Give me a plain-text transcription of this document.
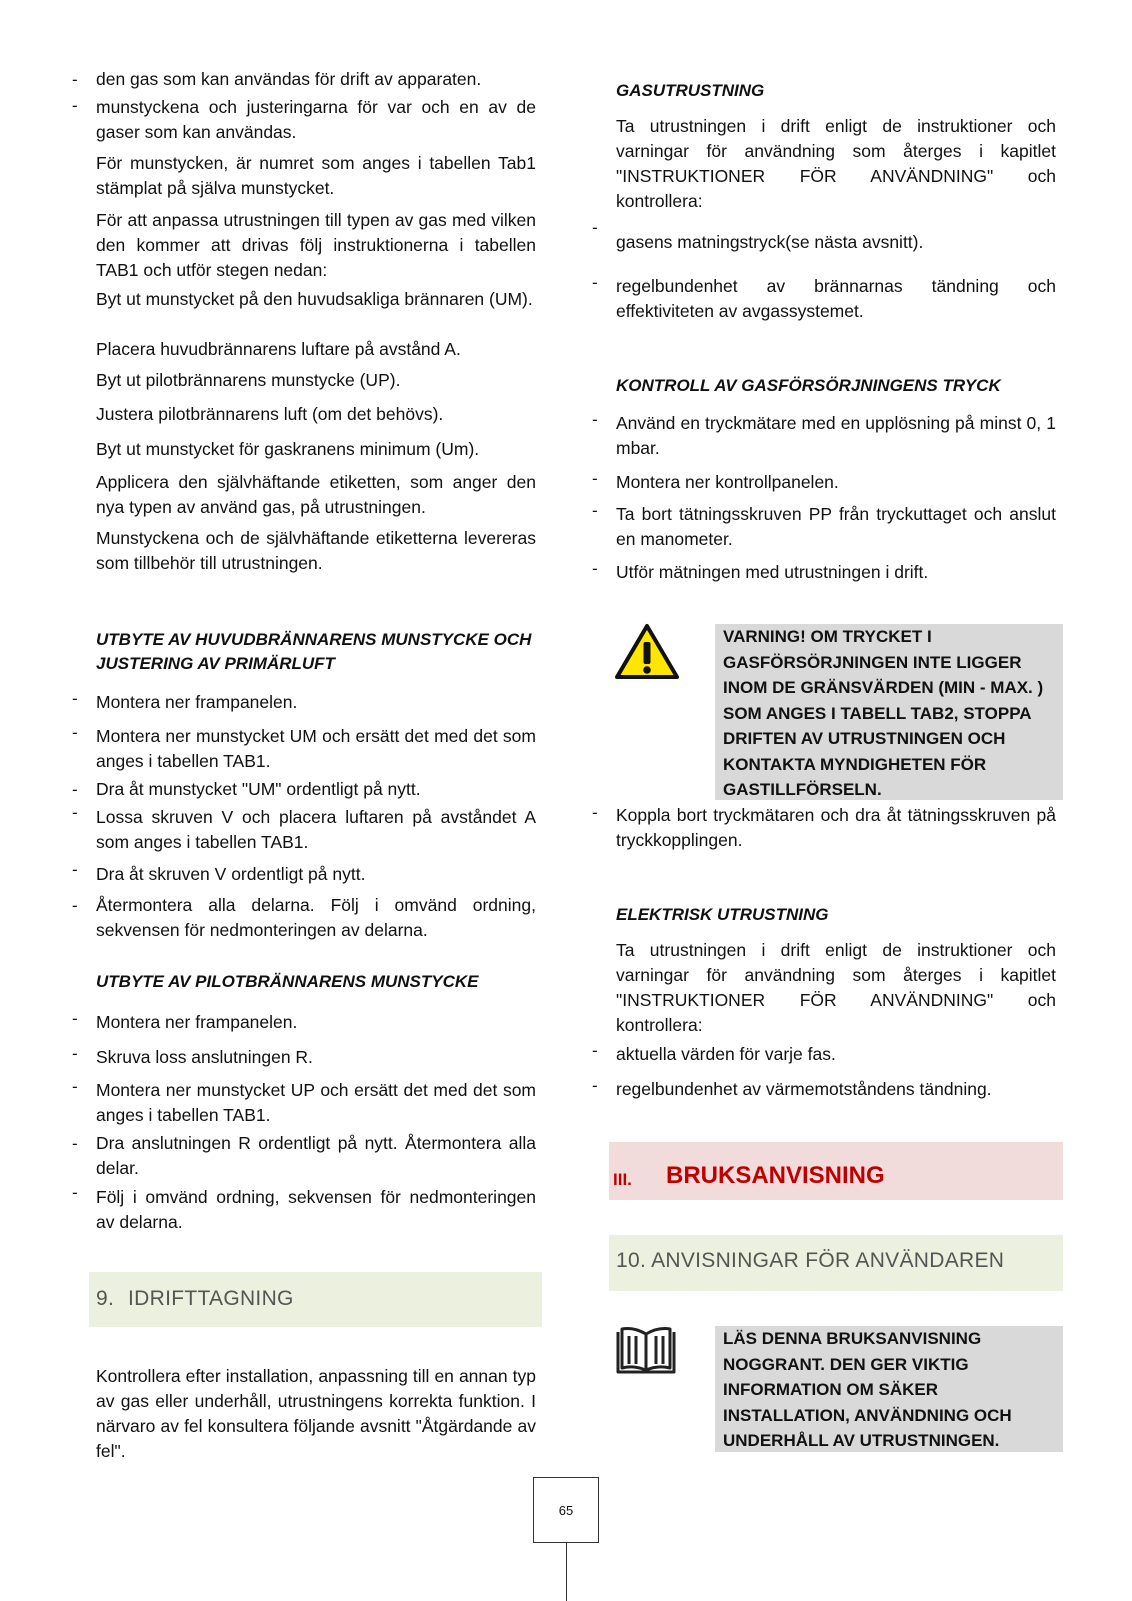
- den gas som kan användas för drift av apparaten.

- munstyckena och justeringarna för var och en av de gaser som kan användas.

För munstycken, är numret som anges i tabellen Tab1 stämplat på själva munstycket.

För att anpassa utrustningen till typen av gas med vilken den kommer att drivas följ instruktionerna i tabellen TAB1 och utför stegen nedan:

Byt ut munstycket på den huvudsakliga brännaren (UM).

Placera huvudbrännarens luftare på avstånd A.

Byt ut pilotbrännarens munstycke (UP).

Justera pilotbrännarens luft (om det behövs).

Byt ut munstycket för gaskranens minimum (Um).

Applicera den självhäftande etiketten, som anger den nya typen av använd gas, på utrustningen.

Munstyckena och de självhäftande etiketterna levereras som tillbehör till utrustningen.

UTBYTE AV HUVUDBRÄNNARENS MUNSTYCKE OCH JUSTERING AV PRIMÄRLUFT

- Montera ner frampanelen.

- Montera ner munstycket UM och ersätt det med det som anges i tabellen TAB1.

- Dra åt munstycket "UM" ordentligt på nytt.

- Lossa skruven V och placera luftaren på avståndet A som anges i tabellen TAB1.

- Dra åt skruven V ordentligt på nytt.

- Återmontera alla delarna. Följ i omvänd ordning, sekvensen för nedmonteringen av delarna.

UTBYTE AV PILOTBRÄNNARENS MUNSTYCKE

- Montera ner frampanelen.

- Skruva loss anslutningen R.

- Montera ner munstycket UP och ersätt det med det som anges i tabellen TAB1.

- Dra anslutningen R ordentligt på nytt. Återmontera alla delar.

- Följ i omvänd ordning, sekvensen för nedmonteringen av delarna.

9. IDRIFTTAGNING

Kontrollera efter installation, anpassning till en annan typ av gas eller underhåll, utrustningens korrekta funktion. I närvaro av fel konsultera följande avsnitt "Åtgärdande av fel".

GASUTRUSTNING

Ta utrustningen i drift enligt de instruktioner och varningar för användning som återges i kapitlet "INSTRUKTIONER FÖR ANVÄNDNING" och kontrollera:

-

gasens matningstryck(se nästa avsnitt).

- regelbundenhet av brännarnas tändning och effektiviteten av avgassystemet.

KONTROLL AV GASFÖRSÖRJNINGENS TRYCK

- Använd en tryckmätare med en upplösning på minst 0, 1 mbar.

- Montera ner kontrollpanelen.

- Ta bort tätningsskruven PP från tryckuttaget och anslut en manometer.

- Utför mätningen med utrustningen i drift.

VARNING! OM TRYCKET I GASFÖRSÖRJNINGEN INTE LIGGER INOM DE GRÄNSVÄRDEN (MIN - MAX. ) SOM ANGES I TABELL TAB2, STOPPA DRIFTEN AV UTRUSTNINGEN OCH KONTAKTA MYNDIGHETEN FÖR GASTILLFÖRSELN.
- Koppla bort tryckmätaren och dra åt tätningsskruven på tryckkopplingen.

ELEKTRISK UTRUSTNING

Ta utrustningen i drift enligt de instruktioner och varningar för användning som återges i kapitlet "INSTRUKTIONER FÖR ANVÄNDNING" och kontrollera:

- aktuella värden för varje fas.

- regelbundenhet av värmemotståndens tändning.

III. BRUKSANVISNING
10. ANVISNINGAR FÖR ANVÄNDAREN
LÄS DENNA BRUKSANVISNING NOGGRANT. DEN GER VIKTIG INFORMATION OM SÄKER INSTALLATION, ANVÄNDNING OCH UNDERHÅLL AV UTRUSTNINGEN.
65
